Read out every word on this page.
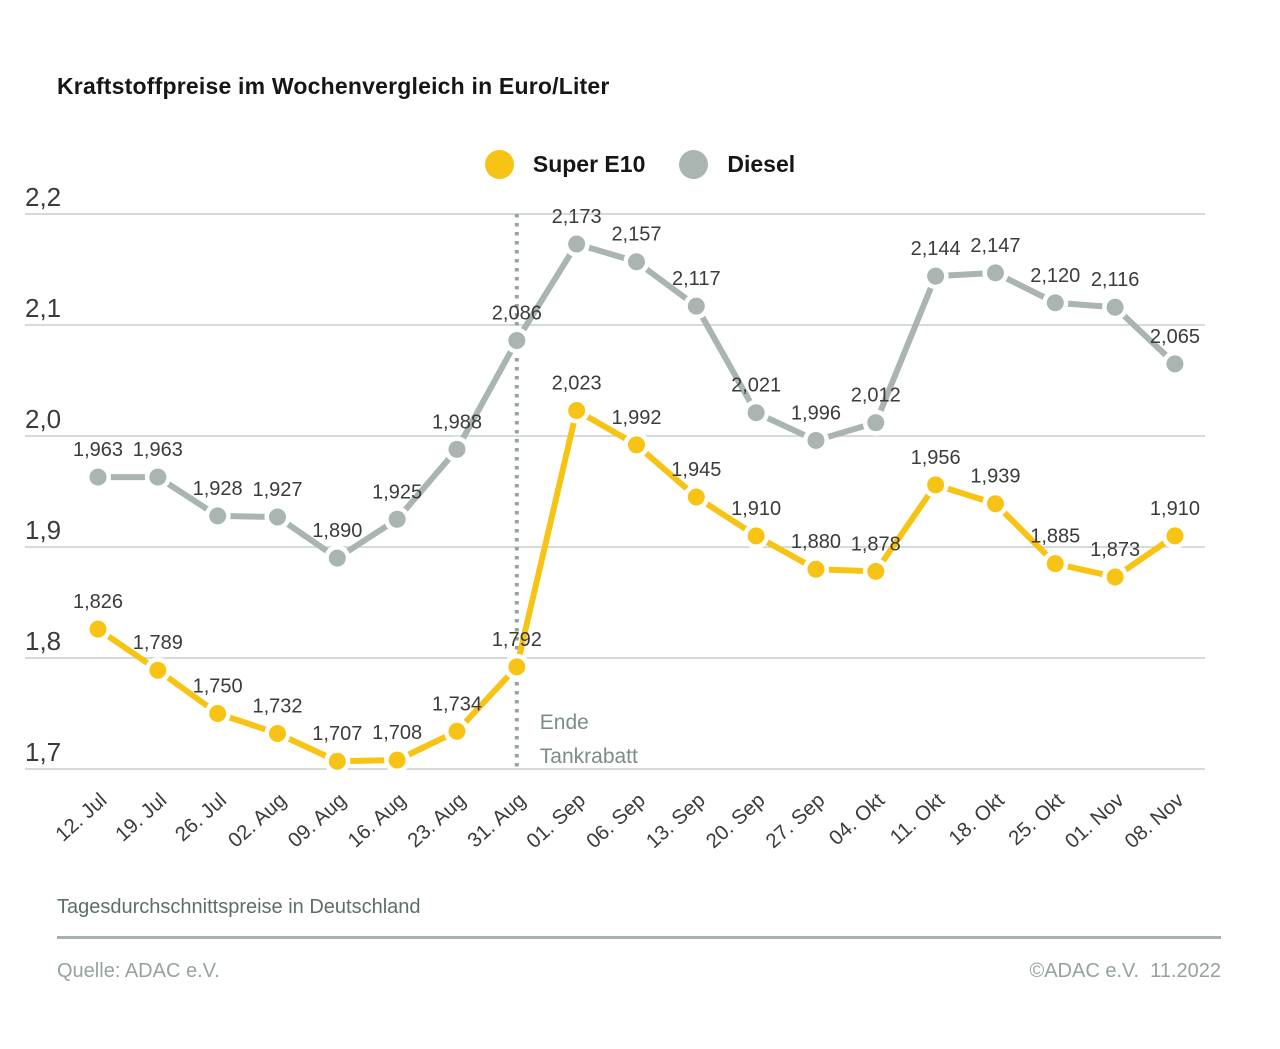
Kraftstoffpreise im Wochenvergleich in Euro/Liter
Super E10	Diesel
2,2
2,1
2,0
1,9
1,8
1,7
Ende
Tankrabatt
1,963 1,963
1,928 1,927
1,890
1,925
1,988
2,086
2,173
2,157
2,117
2,021
1,996
2,012
2,144 2,147
2,120 2,116
2,065
1,826
1,789
1,750
1,732
1,707 1,708
1,734
1,792
2,023
1,992
1,945
1,910
1,880 1,878
1,956
1,939
1,885
1,873
1,910
12. Jul 19. Jul 26. Jul
02. Aug
09. Aug
16. Aug
23. Aug
31. Aug
01. Sep
06. Sep
13. Sep
20. Sep
27. Sep
04. Okt
11. Okt
18. Okt
25. Okt
01. Nov
08. Nov
Tagesdurchschnittspreise in Deutschland
Quelle: ADAC e.V.	©ADAC e.V.  11.2022
